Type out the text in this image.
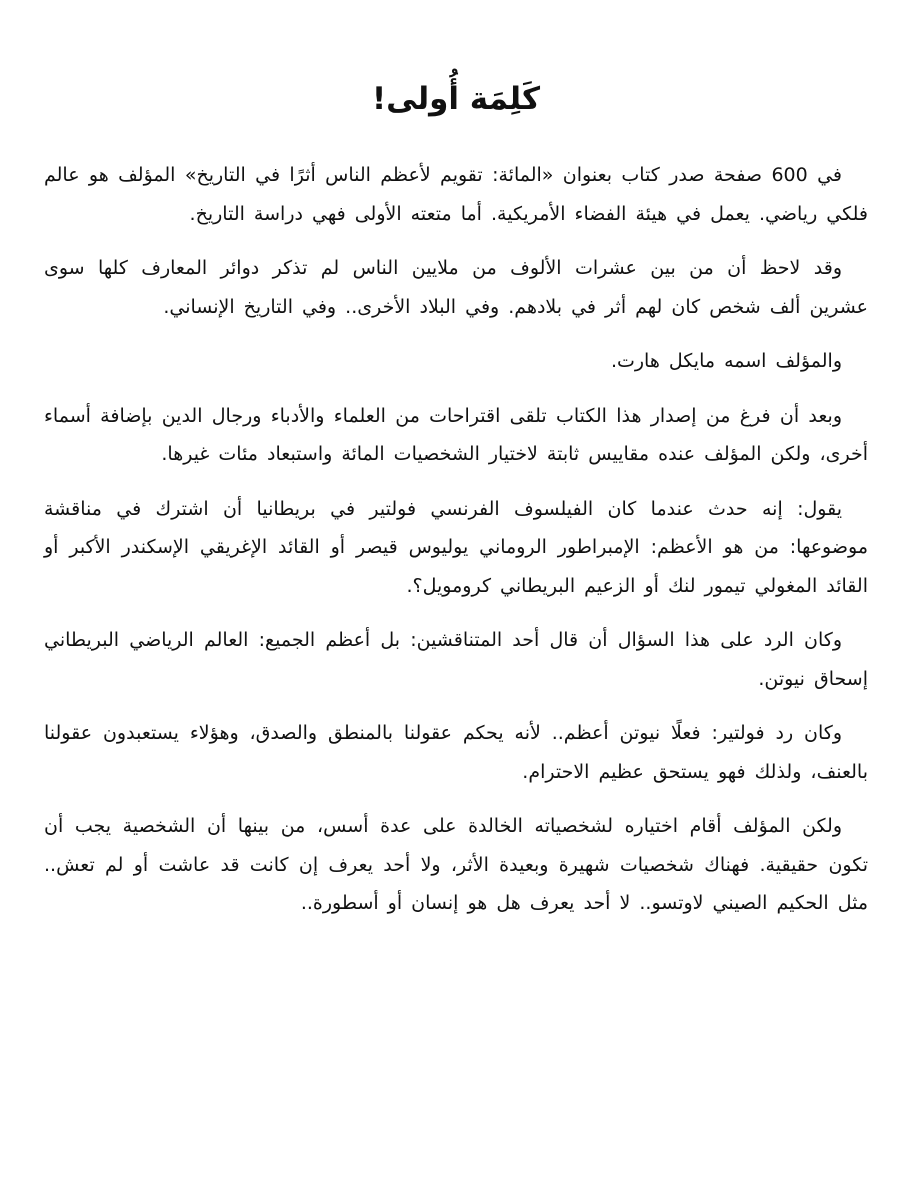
كَلِمَة أُولى!

في 600 صفحة صدر كتاب بعنوان «المائة: تقويم لأعظم الناس أثرًا في التاريخ» المؤلف هو عالم فلكي رياضي. يعمل في هيئة الفضاء الأمريكية. أما متعته الأولى فهي دراسة التاريخ.

وقد لاحظ أن من بين عشرات الألوف من ملايين الناس لم تذكر دوائر المعارف كلها سوى عشرين ألف شخص كان لهم أثر في بلادهم. وفي البلاد الأخرى.. وفي التاريخ الإنساني.

والمؤلف اسمه مايكل هارت.

وبعد أن فرغ من إصدار هذا الكتاب تلقى اقتراحات من العلماء والأدباء ورجال الدين بإضافة أسماء أخرى، ولكن المؤلف عنده مقاييس ثابتة لاختيار الشخصيات المائة واستبعاد مئات غيرها.

يقول: إنه حدث عندما كان الفيلسوف الفرنسي فولتير في بريطانيا أن اشترك في مناقشة موضوعها: من هو الأعظم: الإمبراطور الروماني يوليوس قيصر أو القائد الإغريقي الإسكندر الأكبر أو القائد المغولي تيمور لنك أو الزعيم البريطاني كرومويل؟.

وكان الرد على هذا السؤال أن قال أحد المتناقشين: بل أعظم الجميع: العالم الرياضي البريطاني إسحاق نيوتن.

وكان رد فولتير: فعلًا نيوتن أعظم.. لأنه يحكم عقولنا بالمنطق والصدق، وهؤلاء يستعبدون عقولنا بالعنف، ولذلك فهو يستحق عظيم الاحترام.

ولكن المؤلف أقام اختياره لشخصياته الخالدة على عدة أسس، من بينها أن الشخصية يجب أن تكون حقيقية. فهناك شخصيات شهيرة وبعيدة الأثر، ولا أحد يعرف إن كانت قد عاشت أو لم تعش.. مثل الحكيم الصيني لاوتسو.. لا أحد يعرف هل هو إنسان أو أسطورة..
